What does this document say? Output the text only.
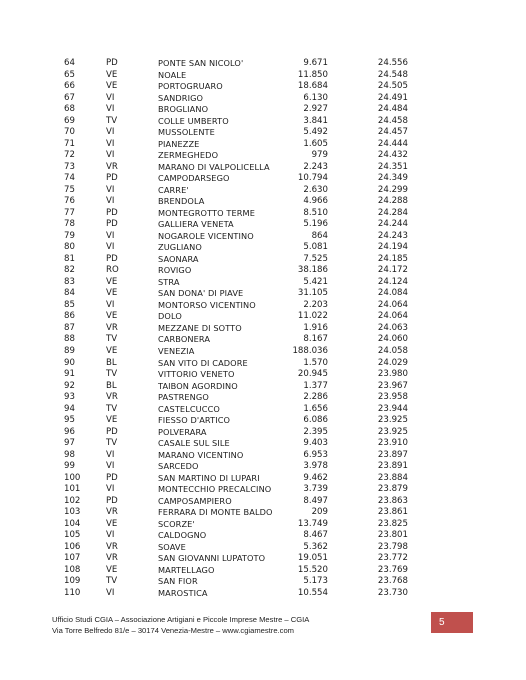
64	PD	PONTE SAN NICOLO'	9.671	24.556
65	VE	NOALE	11.850	24.548
66	VE	PORTOGRUARO	18.684	24.505
67	VI	SANDRIGO	6.130	24.491
68	VI	BROGLIANO	2.927	24.484
69	TV	COLLE UMBERTO	3.841	24.458
70	VI	MUSSOLENTE	5.492	24.457
71	VI	PIANEZZE	1.605	24.444
72	VI	ZERMEGHEDO	979	24.432
73	VR	MARANO DI VALPOLICELLA	2.243	24.351
74	PD	CAMPODARSEGO	10.794	24.349
75	VI	CARRE'	2.630	24.299
76	VI	BRENDOLA	4.966	24.288
77	PD	MONTEGROTTO TERME	8.510	24.284
78	PD	GALLIERA VENETA	5.196	24.244
79	VI	NOGAROLE VICENTINO	864	24.243
80	VI	ZUGLIANO	5.081	24.194
81	PD	SAONARA	7.525	24.185
82	RO	ROVIGO	38.186	24.172
83	VE	STRA	5.421	24.124
84	VE	SAN DONA' DI PIAVE	31.105	24.084
85	VI	MONTORSO VICENTINO	2.203	24.064
86	VE	DOLO	11.022	24.064
87	VR	MEZZANE DI SOTTO	1.916	24.063
88	TV	CARBONERA	8.167	24.060
89	VE	VENEZIA	188.036	24.058
90	BL	SAN VITO DI CADORE	1.570	24.029
91	TV	VITTORIO VENETO	20.945	23.980
92	BL	TAIBON AGORDINO	1.377	23.967
93	VR	PASTRENGO	2.286	23.958
94	TV	CASTELCUCCO	1.656	23.944
95	VE	FIESSO D'ARTICO	6.086	23.925
96	PD	POLVERARA	2.395	23.925
97	TV	CASALE SUL SILE	9.403	23.910
98	VI	MARANO VICENTINO	6.953	23.897
99	VI	SARCEDO	3.978	23.891
100	PD	SAN MARTINO DI LUPARI	9.462	23.884
101	VI	MONTECCHIO PRECALCINO	3.739	23.879
102	PD	CAMPOSAMPIERO	8.497	23.863
103	VR	FERRARA DI MONTE BALDO	209	23.861
104	VE	SCORZE'	13.749	23.825
105	VI	CALDOGNO	8.467	23.801
106	VR	SOAVE	5.362	23.798
107	VR	SAN GIOVANNI LUPATOTO	19.051	23.772
108	VE	MARTELLAGO	15.520	23.769
109	TV	SAN FIOR	5.173	23.768
110	VI	MAROSTICA	10.554	23.730
Ufficio Studi CGIA – Associazione Artigiani e Piccole Imprese Mestre – CGIA
Via Torre Belfredo 81/e – 30174 Venezia-Mestre – www.cgiamestre.com
5
